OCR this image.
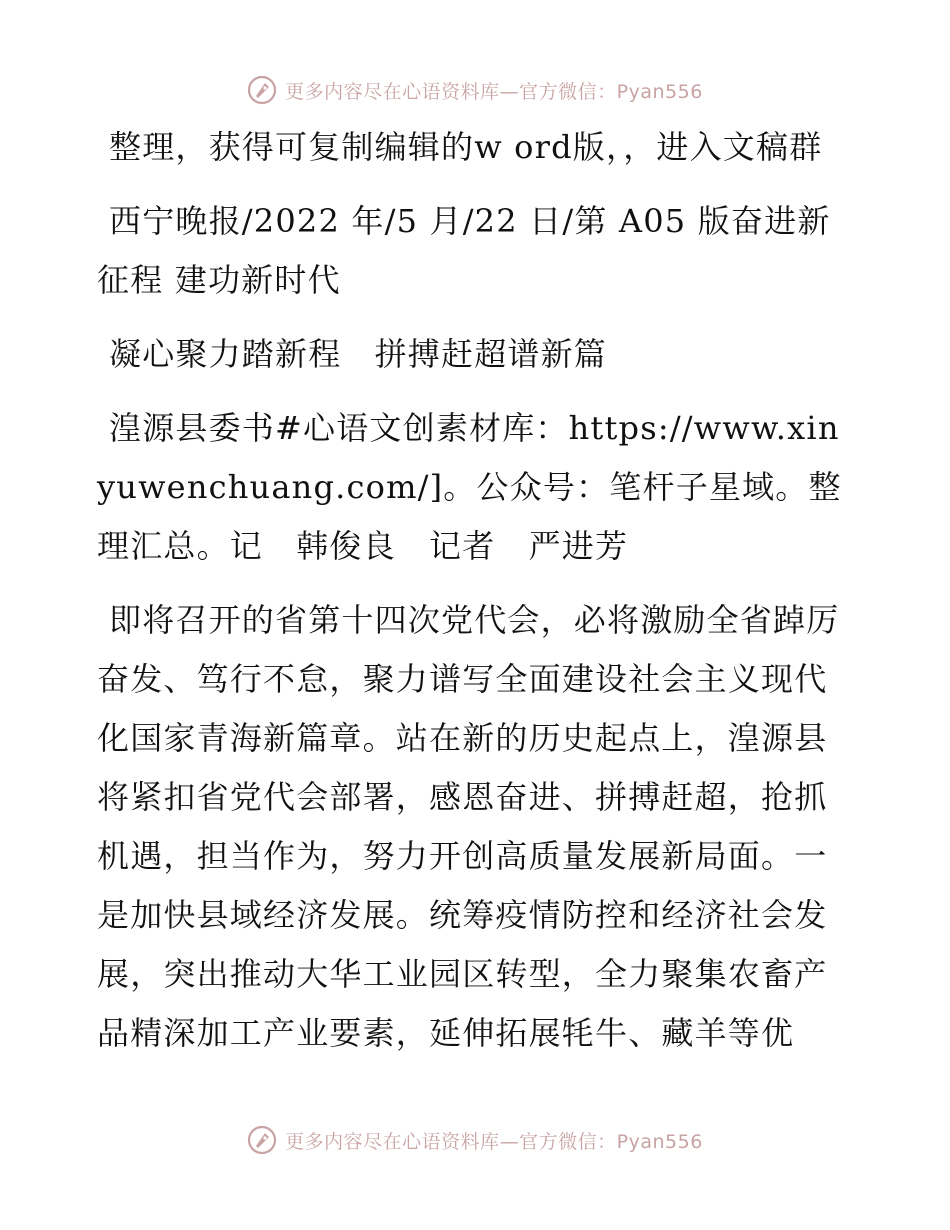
更多内容尽在心语资料库—官方微信：Pyan556

整理，获得可复制编辑的w ord版，，进入文稿群

西宁晚报/2022 年/5 月/22 日/第 A05 版奋进新征程 建功新时代

凝心聚力踏新程　拼搏赶超谱新篇

湟源县委书#心语文创素材库：https://www.xinyuwenchuang.com/]。公众号：笔杆子星域。整理汇总。记　韩俊良　记者　严进芳

即将召开的省第十四次党代会，必将激励全省踔厉奋发、笃行不怠，聚力谱写全面建设社会主义现代化国家青海新篇章。站在新的历史起点上，湟源县将紧扣省党代会部署，感恩奋进、拼搏赶超，抢抓机遇，担当作为，努力开创高质量发展新局面。一是加快县域经济发展。统筹疫情防控和经济社会发展，突出推动大华工业园区转型，全力聚集农畜产品精深加工产业要素，延伸拓展牦牛、藏羊等优

更多内容尽在心语资料库—官方微信：Pyan556
